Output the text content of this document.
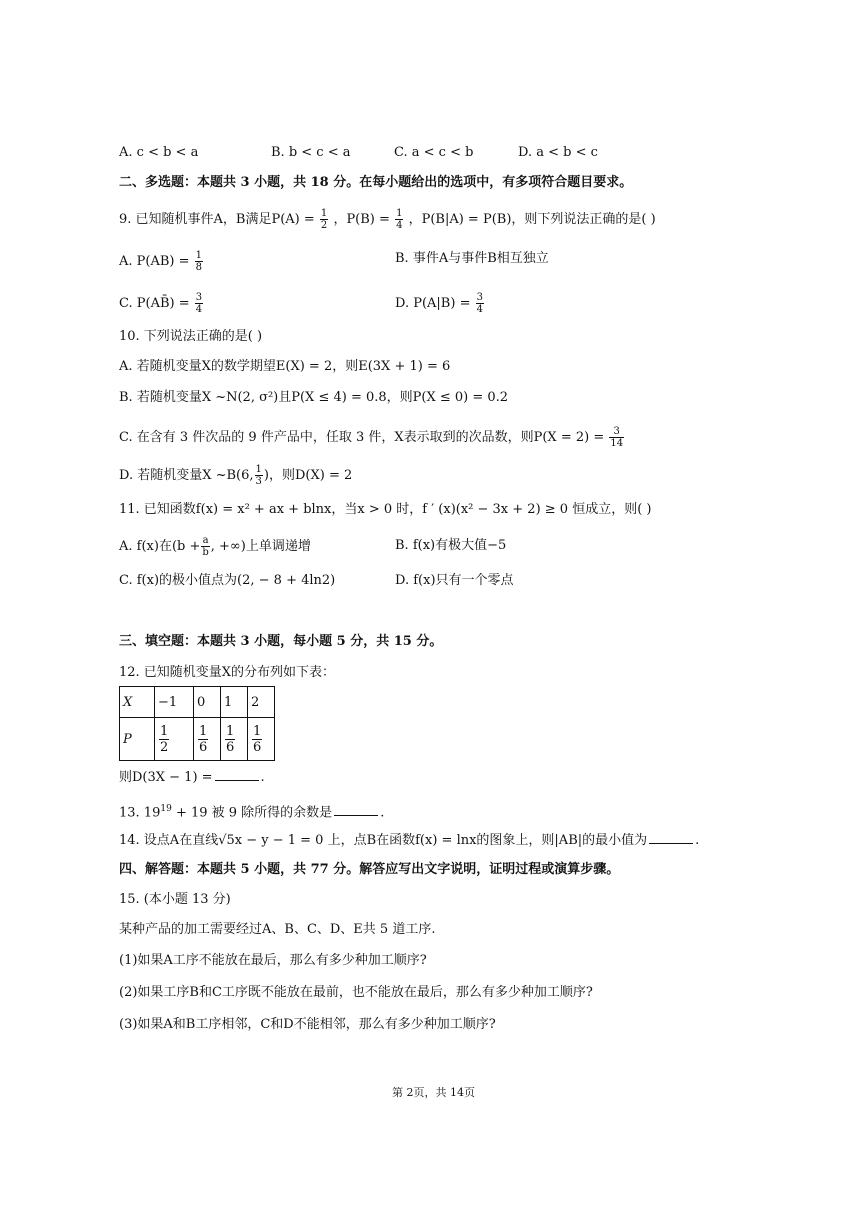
A. c < b < a	B. b < c < a	C. a < c < b	D. a < b < c
二、多选题：本题共 3 小题，共 18 分。在每小题给出的选项中，有多项符合题目要求。
9. 已知随机事件A，B满足$P(A) = \frac{1}{2}$ ，$P(B) = \frac{1}{4}$ ，P(B|A) = P(B)，则下列说法正确的是( )
A. $P(AB) = \frac{1}{8}$	B. 事件A与事件B相互独立
C. P(AB̄) = $\frac{3}{4}$	D. $P(A|B) = \frac{3}{4}$
10. 下列说法正确的是( )
A. 若随机变量X的数学期望E(X) = 2，则E(3X + 1) = 6
B. 若随机变量X ~N(2, σ²)且P(X ≤ 4) = 0.8，则P(X ≤ 0) = 0.2
C. 在含有 3 件次品的 9 件产品中，任取 3 件，X表示取到的次品数，则$P(X = 2) = \frac{3}{14}$
D. 若随机变量X ~B(6, $\frac{1}{3}$ )，则D(X) = 2
11. 已知函数f(x) = x² + ax + blnx，当x > 0 时，f ′ (x)(x² − 3x + 2) ≥ 0 恒成立，则( )
A. f(x)在($b + \frac{a}{b}$ , +∞)上单调递增	B. f(x)有极大值−5
C. f(x)的极小值点为(2, − 8 + 4ln2)	D. f(x)只有一个零点
三、填空题：本题共 3 小题，每小题 5 分，共 15 分。
12. 已知随机变量X的分布列如下表：
X	−1	0	1	2
P	$\frac{1}{2}$	$\frac{1}{6}$	$\frac{1}{6}$	$\frac{1}{6}$
则D(3X − 1) =	.
13. $19^{19} + 19$ 被 9 除所得的余数是	.
14. 设点A在直线√5x − y − 1 = 0 上，点B在函数f(x) = lnx的图象上，则|AB|的最小值为	.
四、解答题：本题共 5 小题，共 77 分。解答应写出文字说明，证明过程或演算步骤。
15. (本小题 13 分)
某种产品的加工需要经过A、B、C、D、E共 5 道工序.
(1)如果A工序不能放在最后，那么有多少种加工顺序?
(2)如果工序B和C工序既不能放在最前，也不能放在最后，那么有多少种加工顺序?
(3)如果A和B工序相邻，C和D不能相邻，那么有多少种加工顺序?
第 2页，共 14页
